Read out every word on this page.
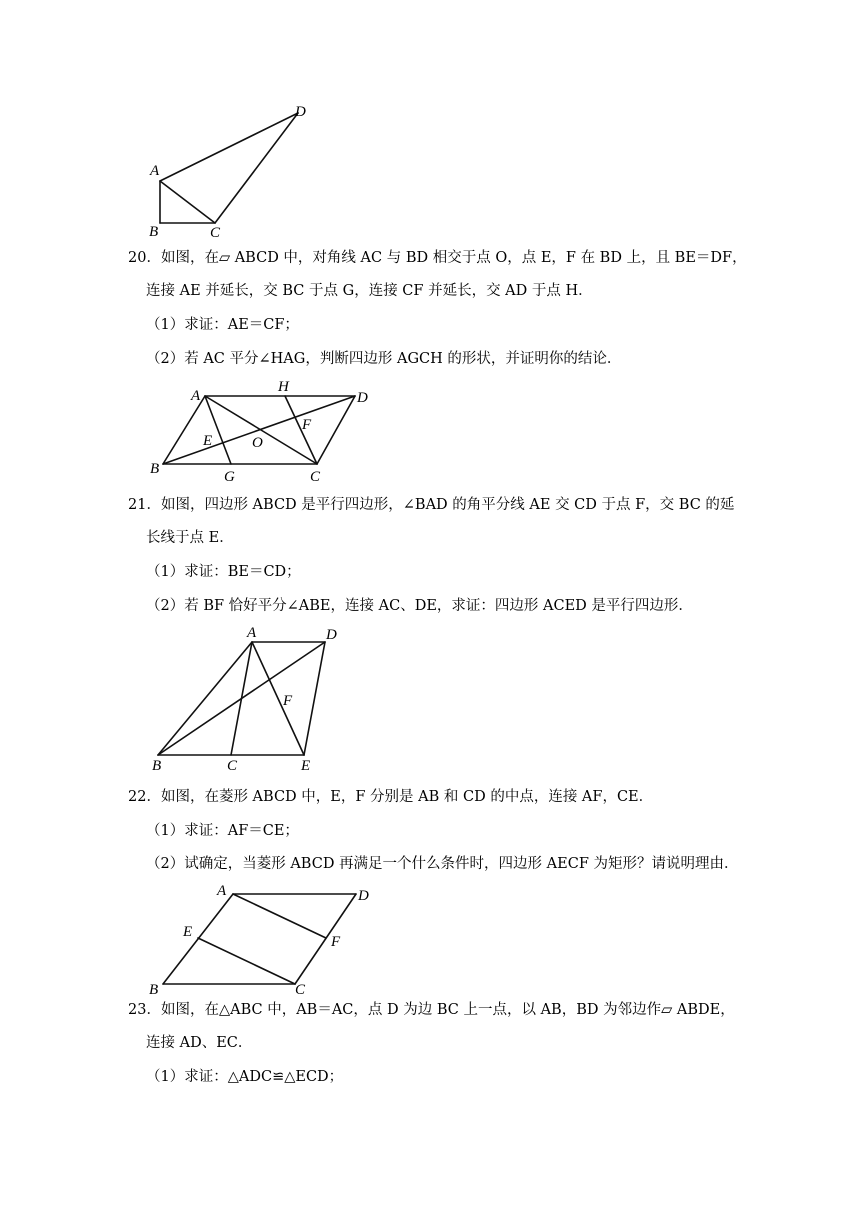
A
B	C
D
20．如图，在▱ ABCD 中，对角线 AC 与 BD 相交于点 O，点 E，F 在 BD 上，且 BE＝DF，
连接 AE 并延长，交 BC 于点 G，连接 CF 并延长，交 AD 于点 H．
（1）求证：AE＝CF；
（2）若 AC 平分∠HAG，判断四边形 AGCH 的形状，并证明你的结论．
A
H
D
E	O
F
B	G	C
21．如图，四边形 ABCD 是平行四边形，∠BAD 的角平分线 AE 交 CD 于点 F，交 BC 的延
长线于点 E．
（1）求证：BE＝CD；
（2）若 BF 恰好平分∠ABE，连接 AC、DE，求证：四边形 ACED 是平行四边形．
A	D
F
B	C	E
22．如图，在菱形 ABCD 中，E，F 分别是 AB 和 CD 的中点，连接 AF，CE．
（1）求证：AF＝CE；
（2）试确定，当菱形 ABCD 再满足一个什么条件时，四边形 AECF 为矩形？请说明理由．
A	D
E
F
B	C
23．如图，在△ABC 中，AB＝AC，点 D 为边 BC 上一点，以 AB，BD 为邻边作▱ ABDE，
连接 AD、EC．
（1）求证：△ADC≌△ECD；
